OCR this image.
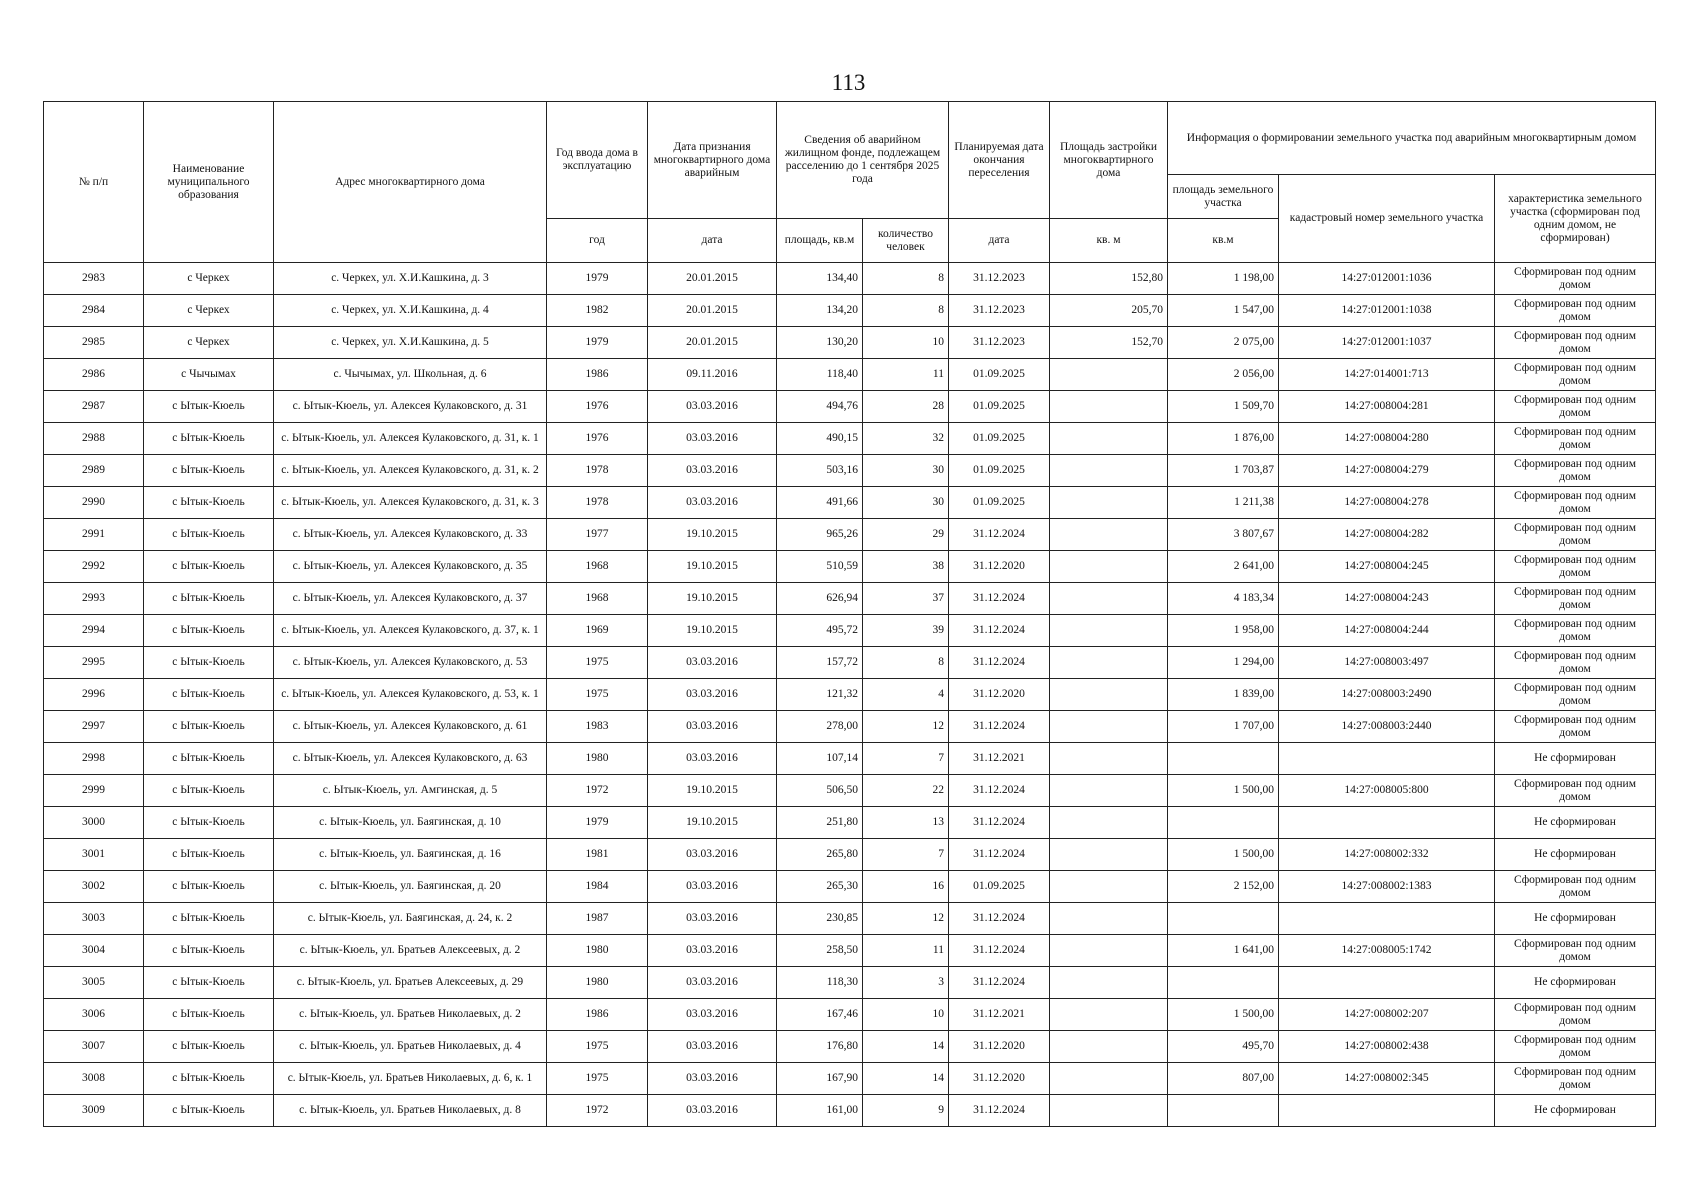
113
№ п/п	Наименование муниципального образования	Адрес многоквартирного дома	Год ввода дома в эксплуатацию	Дата признания многоквартирного дома аварийным	Сведения об аварийном жилищном фонде, подлежащем расселению до 1 сентября 2025 года		Планируемая дата окончания переселения	Площадь застройки многоквартирного дома	Информация о формировании земельного участка под аварийным многоквартирным домом		
									площадь земельного участка	кадастровый номер земельного участка	характеристика земельного участка (сформирован под одним домом, не сформирован)
			год	дата	площадь, кв.м	количество человек	дата	кв. м	кв.м		
2983	с Черкех	с. Черкех, ул. Х.И.Кашкина, д. 3	1979	20.01.2015	134,40	8	31.12.2023	152,80	1 198,00	14:27:012001:1036	Сформирован под одним домом
2984	с Черкех	с. Черкех, ул. Х.И.Кашкина, д. 4	1982	20.01.2015	134,20	8	31.12.2023	205,70	1 547,00	14:27:012001:1038	Сформирован под одним домом
2985	с Черкех	с. Черкех, ул. Х.И.Кашкина, д. 5	1979	20.01.2015	130,20	10	31.12.2023	152,70	2 075,00	14:27:012001:1037	Сформирован под одним домом
2986	с Чычымах	с. Чычымах, ул. Школьная, д. 6	1986	09.11.2016	118,40	11	01.09.2025		2 056,00	14:27:014001:713	Сформирован под одним домом
2987	с Ытык-Кюель	с. Ытык-Кюель, ул. Алексея Кулаковского, д. 31	1976	03.03.2016	494,76	28	01.09.2025		1 509,70	14:27:008004:281	Сформирован под одним домом
2988	с Ытык-Кюель	с. Ытык-Кюель, ул. Алексея Кулаковского, д. 31, к. 1	1976	03.03.2016	490,15	32	01.09.2025		1 876,00	14:27:008004:280	Сформирован под одним домом
2989	с Ытык-Кюель	с. Ытык-Кюель, ул. Алексея Кулаковского, д. 31, к. 2	1978	03.03.2016	503,16	30	01.09.2025		1 703,87	14:27:008004:279	Сформирован под одним домом
2990	с Ытык-Кюель	с. Ытык-Кюель, ул. Алексея Кулаковского, д. 31, к. 3	1978	03.03.2016	491,66	30	01.09.2025		1 211,38	14:27:008004:278	Сформирован под одним домом
2991	с Ытык-Кюель	с. Ытык-Кюель, ул. Алексея Кулаковского, д. 33	1977	19.10.2015	965,26	29	31.12.2024		3 807,67	14:27:008004:282	Сформирован под одним домом
2992	с Ытык-Кюель	с. Ытык-Кюель, ул. Алексея Кулаковского, д. 35	1968	19.10.2015	510,59	38	31.12.2020		2 641,00	14:27:008004:245	Сформирован под одним домом
2993	с Ытык-Кюель	с. Ытык-Кюель, ул. Алексея Кулаковского, д. 37	1968	19.10.2015	626,94	37	31.12.2024		4 183,34	14:27:008004:243	Сформирован под одним домом
2994	с Ытык-Кюель	с. Ытык-Кюель, ул. Алексея Кулаковского, д. 37, к. 1	1969	19.10.2015	495,72	39	31.12.2024		1 958,00	14:27:008004:244	Сформирован под одним домом
2995	с Ытык-Кюель	с. Ытык-Кюель, ул. Алексея Кулаковского, д. 53	1975	03.03.2016	157,72	8	31.12.2024		1 294,00	14:27:008003:497	Сформирован под одним домом
2996	с Ытык-Кюель	с. Ытык-Кюель, ул. Алексея Кулаковского, д. 53, к. 1	1975	03.03.2016	121,32	4	31.12.2020		1 839,00	14:27:008003:2490	Сформирован под одним домом
2997	с Ытык-Кюель	с. Ытык-Кюель, ул. Алексея Кулаковского, д. 61	1983	03.03.2016	278,00	12	31.12.2024		1 707,00	14:27:008003:2440	Сформирован под одним домом
2998	с Ытык-Кюель	с. Ытык-Кюель, ул. Алексея Кулаковского, д. 63	1980	03.03.2016	107,14	7	31.12.2021				Не сформирован
2999	с Ытык-Кюель	с. Ытык-Кюель, ул. Амгинская, д. 5	1972	19.10.2015	506,50	22	31.12.2024		1 500,00	14:27:008005:800	Сформирован под одним домом
3000	с Ытык-Кюель	с. Ытык-Кюель, ул. Баягинская, д. 10	1979	19.10.2015	251,80	13	31.12.2024				Не сформирован
3001	с Ытык-Кюель	с. Ытык-Кюель, ул. Баягинская, д. 16	1981	03.03.2016	265,80	7	31.12.2024		1 500,00	14:27:008002:332	Не сформирован
3002	с Ытык-Кюель	с. Ытык-Кюель, ул. Баягинская, д. 20	1984	03.03.2016	265,30	16	01.09.2025		2 152,00	14:27:008002:1383	Сформирован под одним домом
3003	с Ытык-Кюель	с. Ытык-Кюель, ул. Баягинская, д. 24, к. 2	1987	03.03.2016	230,85	12	31.12.2024				Не сформирован
3004	с Ытык-Кюель	с. Ытык-Кюель, ул. Братьев Алексеевых, д. 2	1980	03.03.2016	258,50	11	31.12.2024		1 641,00	14:27:008005:1742	Сформирован под одним домом
3005	с Ытык-Кюель	с. Ытык-Кюель, ул. Братьев Алексеевых, д. 29	1980	03.03.2016	118,30	3	31.12.2024				Не сформирован
3006	с Ытык-Кюель	с. Ытык-Кюель, ул. Братьев Николаевых, д. 2	1986	03.03.2016	167,46	10	31.12.2021		1 500,00	14:27:008002:207	Сформирован под одним домом
3007	с Ытык-Кюель	с. Ытык-Кюель, ул. Братьев Николаевых, д. 4	1975	03.03.2016	176,80	14	31.12.2020		495,70	14:27:008002:438	Сформирован под одним домом
3008	с Ытык-Кюель	с. Ытык-Кюель, ул. Братьев Николаевых, д. 6, к. 1	1975	03.03.2016	167,90	14	31.12.2020		807,00	14:27:008002:345	Сформирован под одним домом
3009	с Ытык-Кюель	с. Ытык-Кюель, ул. Братьев Николаевых, д. 8	1972	03.03.2016	161,00	9	31.12.2024				Не сформирован
